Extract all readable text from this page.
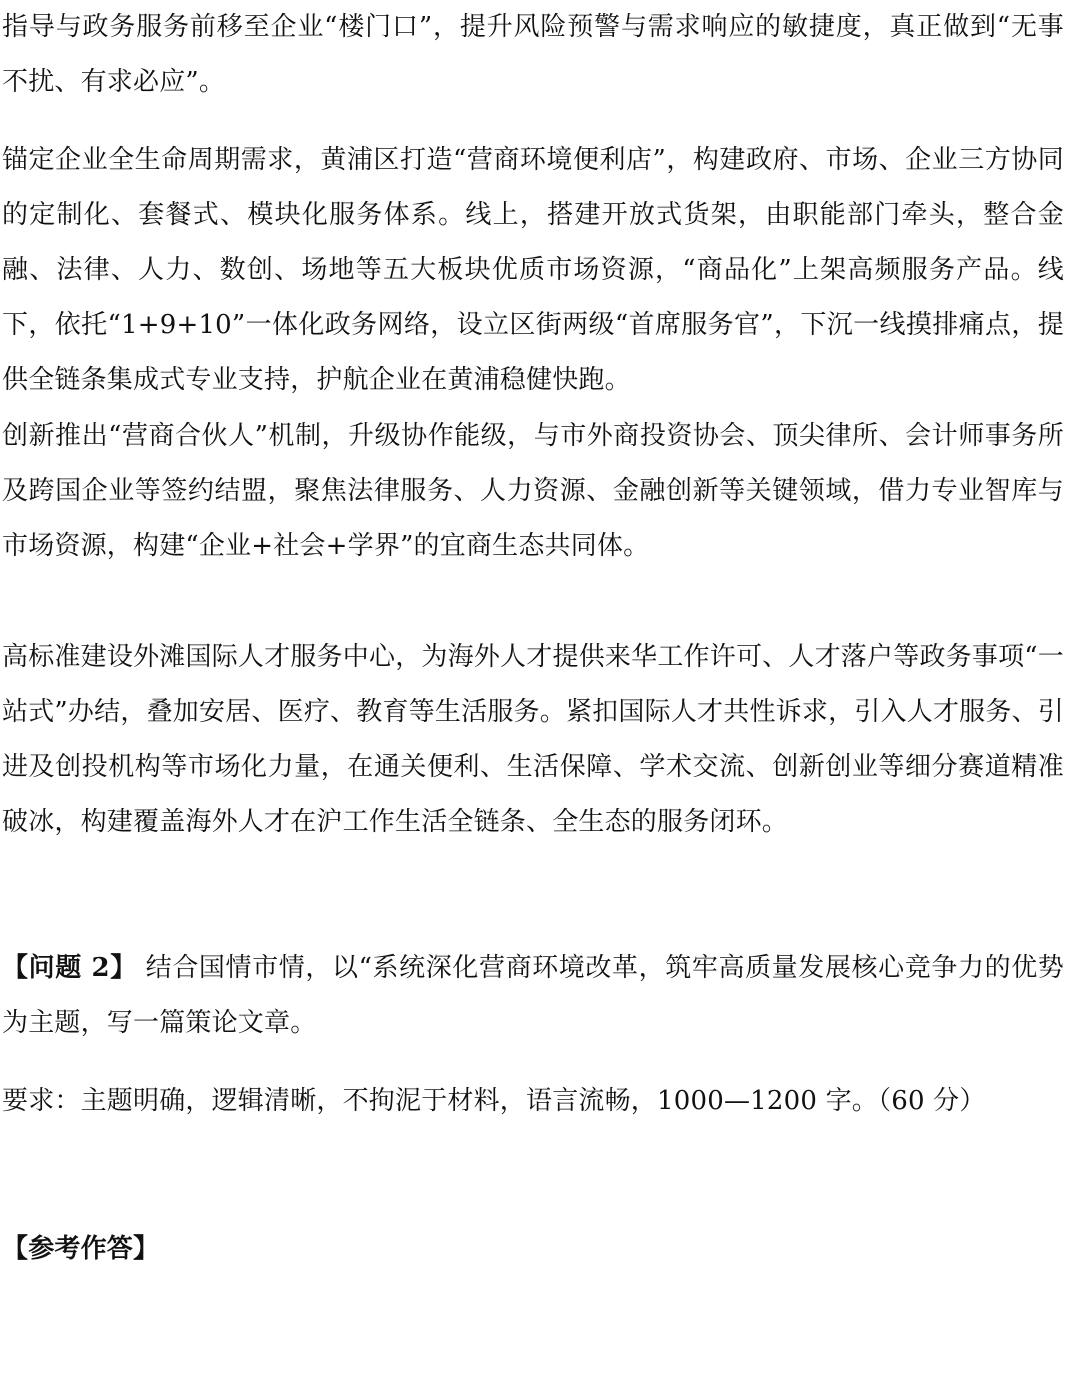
指导与政务服务前移至企业“楼门口”，提升风险预警与需求响应的敏捷度，真正做到“无事不扰、有求必应”。

锚定企业全生命周期需求，黄浦区打造“营商环境便利店”，构建政府、市场、企业三方协同的定制化、套餐式、模块化服务体系。线上，搭建开放式货架，由职能部门牵头，整合金融、法律、人力、数创、场地等五大板块优质市场资源，“商品化”上架高频服务产品。线下，依托“1+9+10”一体化政务网络，设立区街两级“首席服务官”，下沉一线摸排痛点，提供全链条集成式专业支持，护航企业在黄浦稳健快跑。

创新推出“营商合伙人”机制，升级协作能级，与市外商投资协会、顶尖律所、会计师事务所及跨国企业等签约结盟，聚焦法律服务、人力资源、金融创新等关键领域，借力专业智库与市场资源，构建“企业+社会+学界”的宜商生态共同体。

高标准建设外滩国际人才服务中心，为海外人才提供来华工作许可、人才落户等政务事项“一站式”办结，叠加安居、医疗、教育等生活服务。紧扣国际人才共性诉求，引入人才服务、引进及创投机构等市场化力量，在通关便利、生活保障、学术交流、创新创业等细分赛道精准破冰，构建覆盖海外人才在沪工作生活全链条、全生态的服务闭环。

【问题 2】 结合国情市情，以“系统深化营商环境改革，筑牢高质量发展核心竞争力的优势为主题，写一篇策论文章。

要求：主题明确，逻辑清晰，不拘泥于材料，语言流畅，1000—1200 字。（60 分）

【参考作答】
